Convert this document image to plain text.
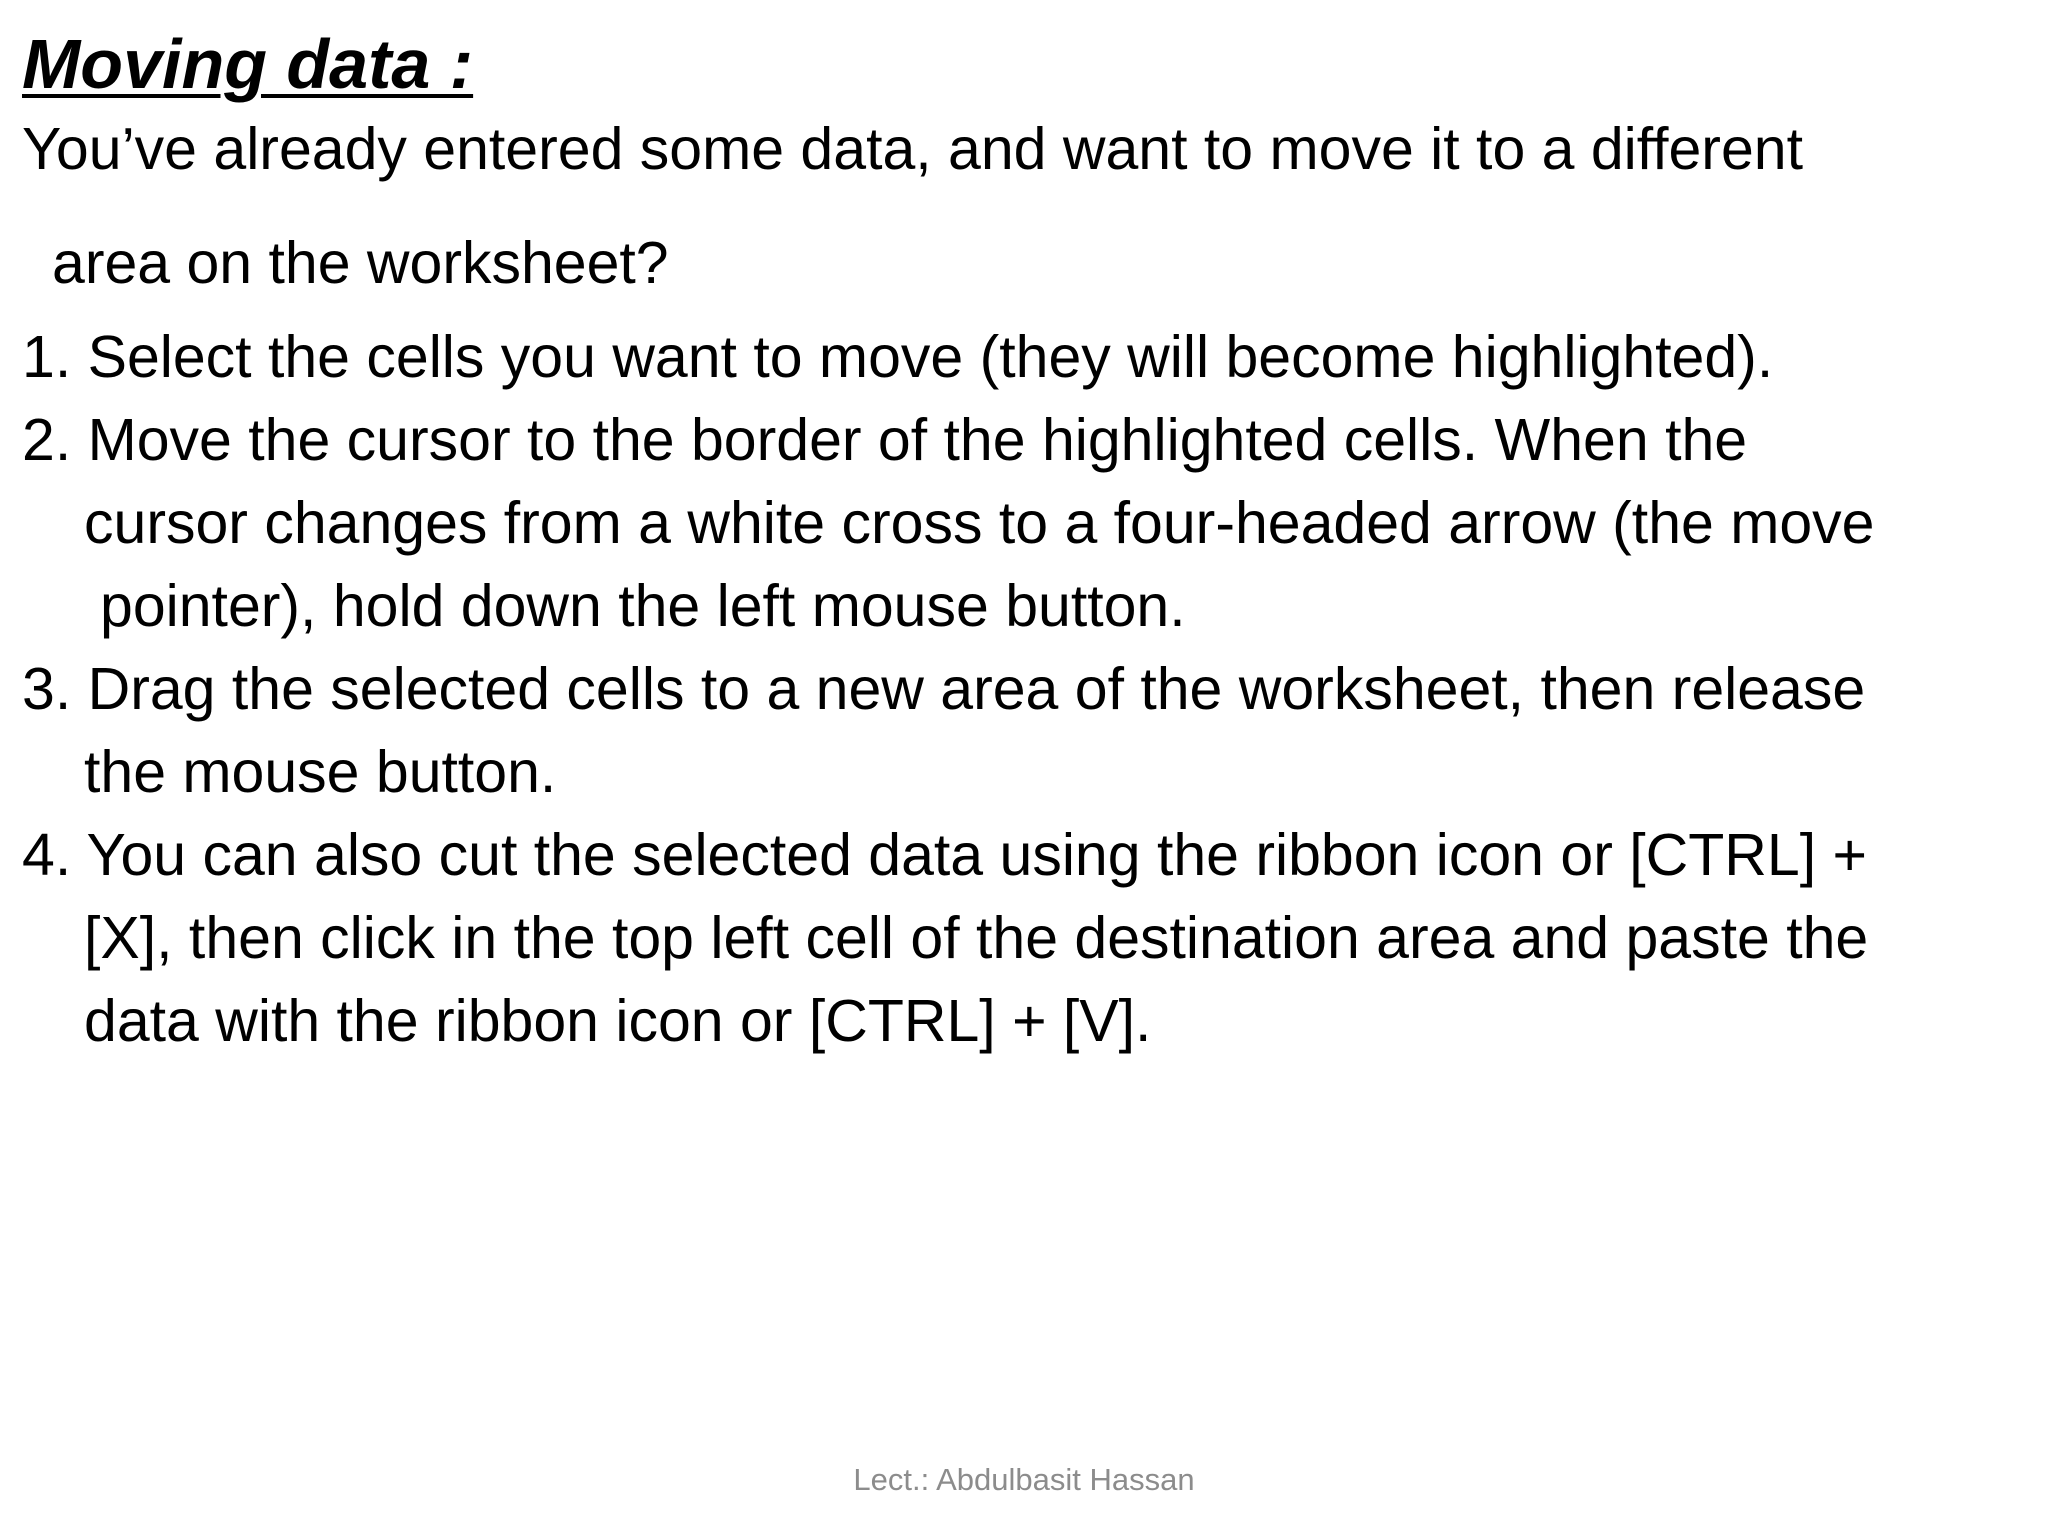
Moving data :
You’ve already entered some data, and want to move it to a different
area on the worksheet?
1. Select the cells you want to move (they will become highlighted).
2. Move the cursor to the border of the highlighted cells. When the
cursor changes from a white cross to a four-headed arrow (the move
pointer), hold down the left mouse button.
3. Drag the selected cells to a new area of the worksheet, then release
the mouse button.
4. You can also cut the selected data using the ribbon icon or [CTRL] +
[X], then click in the top left cell of the destination area and paste the
data with the ribbon icon or [CTRL] + [V].
Lect.: Abdulbasit Hassan
